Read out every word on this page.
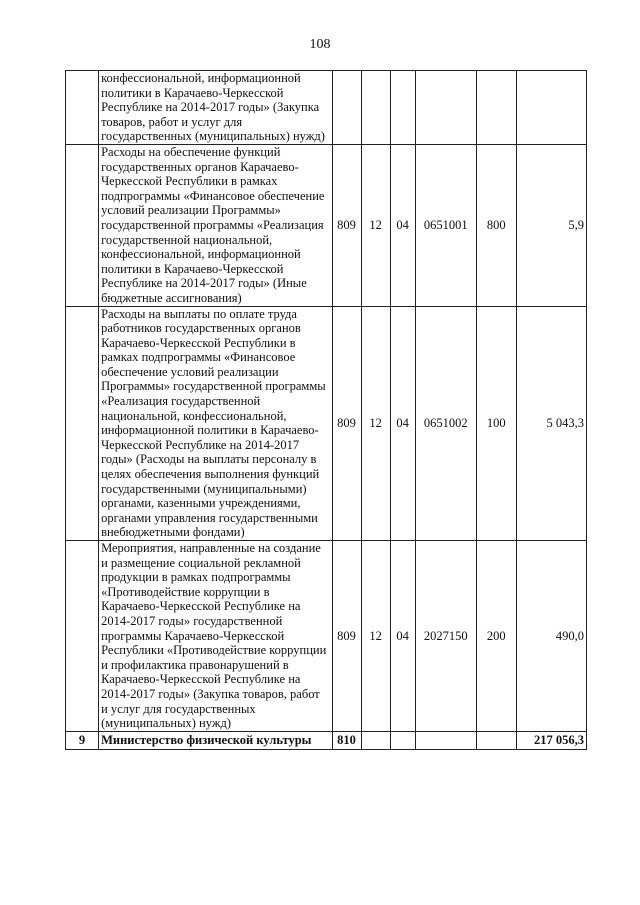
108
	конфессиональной, информационной политики в Карачаево-Черкесской Республике на 2014-2017 годы» (Закупка товаров, работ и услуг для государственных (муниципальных) нужд)						
	Расходы на обеспечение функций государственных органов Карачаево-Черкесской Республики в рамках подпрограммы «Финансовое обеспечение условий реализации Программы» государственной программы «Реализация государственной национальной, конфессиональной, информационной политики в Карачаево-Черкесской Республике на 2014-2017 годы» (Иные бюджетные ассигнования)	809	12	04	0651001	800	5,9
	Расходы на выплаты по оплате труда работников государственных органов Карачаево-Черкесской Республики в рамках подпрограммы «Финансовое обеспечение условий реализации Программы» государственной программы «Реализация государственной национальной, конфессиональной, информационной политики в Карачаево-Черкесской Республике на 2014-2017 годы» (Расходы на выплаты персоналу в целях обеспечения выполнения функций государственными (муниципальными) органами, казенными учреждениями, органами управления государственными внебюджетными фондами)	809	12	04	0651002	100	5 043,3
	Мероприятия, направленные на создание и размещение социальной рекламной продукции в рамках подпрограммы «Противодействие коррупции в Карачаево-Черкесской Республике на 2014-2017 годы» государственной программы Карачаево-Черкесской Республики «Противодействие коррупции и профилактика правонарушений в Карачаево-Черкесской Республике на 2014-2017 годы» (Закупка товаров, работ и услуг для государственных (муниципальных) нужд)	809	12	04	2027150	200	490,0
9	Министерство физической культуры	810					217 056,3
